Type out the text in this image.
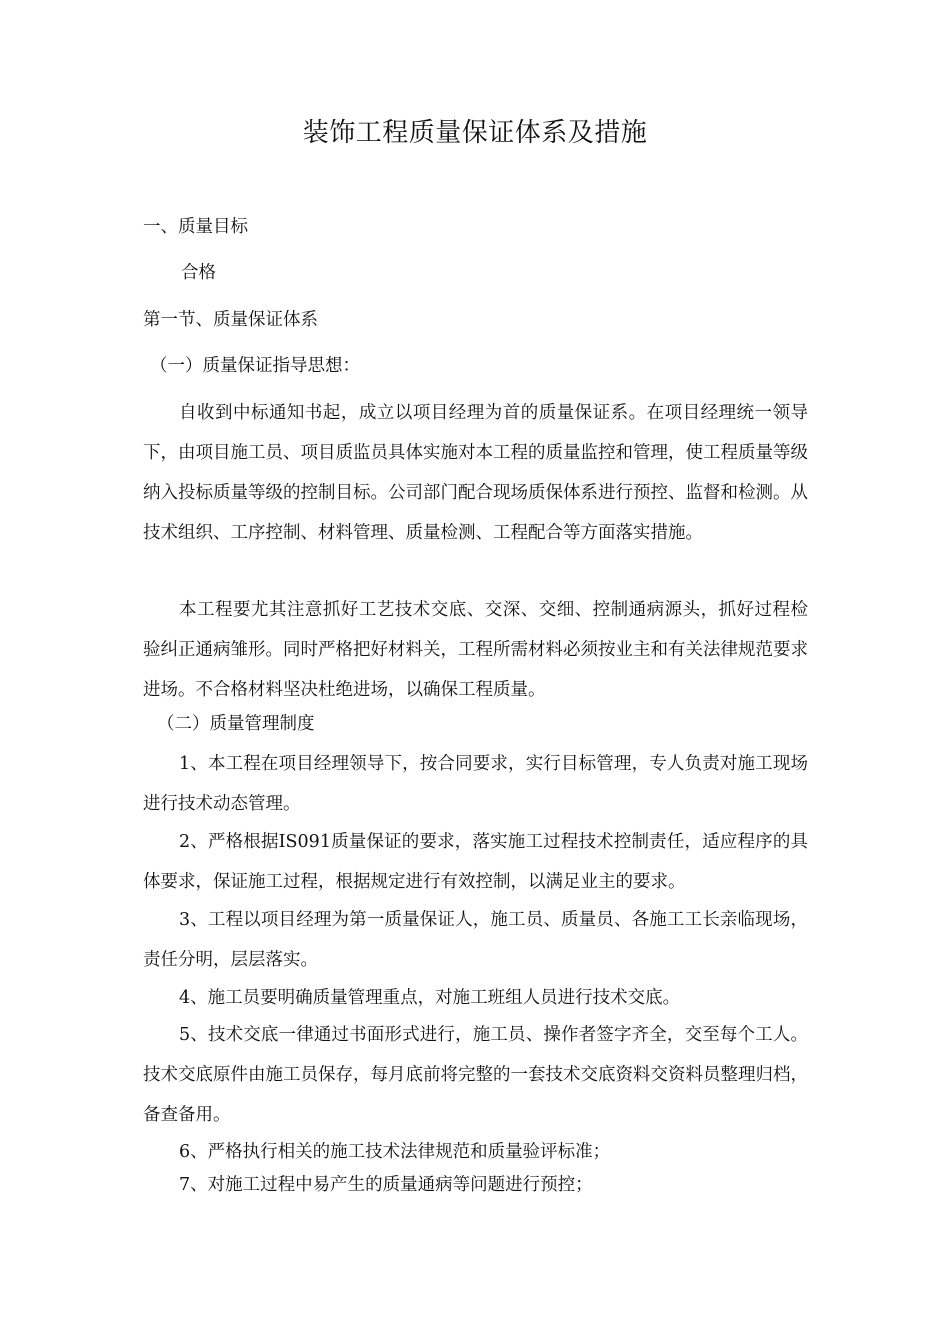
装饰工程质量保证体系及措施
一、质量目标
合格
第一节、质量保证体系
（一）质量保证指导思想：

自收到中标通知书起，成立以项目经理为首的质量保证系。在项目经理统一领导下，由项目施工员、项目质监员具体实施对本工程的质量监控和管理，使工程质量等级纳入投标质量等级的控制目标。公司部门配合现场质保体系进行预控、监督和检测。从技术组织、工序控制、材料管理、质量检测、工程配合等方面落实措施。

本工程要尤其注意抓好工艺技术交底、交深、交细、控制通病源头，抓好过程检验纠正通病雏形。同时严格把好材料关，工程所需材料必须按业主和有关法律规范要求进场。不合格材料坚决杜绝进场，以确保工程质量。

（二）质量管理制度

1、本工程在项目经理领导下，按合同要求，实行目标管理，专人负责对施工现场进行技术动态管理。

2、严格根据IS091质量保证的要求，落实施工过程技术控制责任，适应程序的具体要求，保证施工过程，根据规定进行有效控制，以满足业主的要求。

3、工程以项目经理为第一质量保证人，施工员、质量员、各施工工长亲临现场，责任分明，层层落实。

4、施工员要明确质量管理重点，对施工班组人员进行技术交底。

5、技术交底一律通过书面形式进行，施工员、操作者签字齐全，交至每个工人。技术交底原件由施工员保存，每月底前将完整的一套技术交底资料交资料员整理归档，备查备用。

6、严格执行相关的施工技术法律规范和质量验评标准；

7、对施工过程中易产生的质量通病等问题进行预控；
